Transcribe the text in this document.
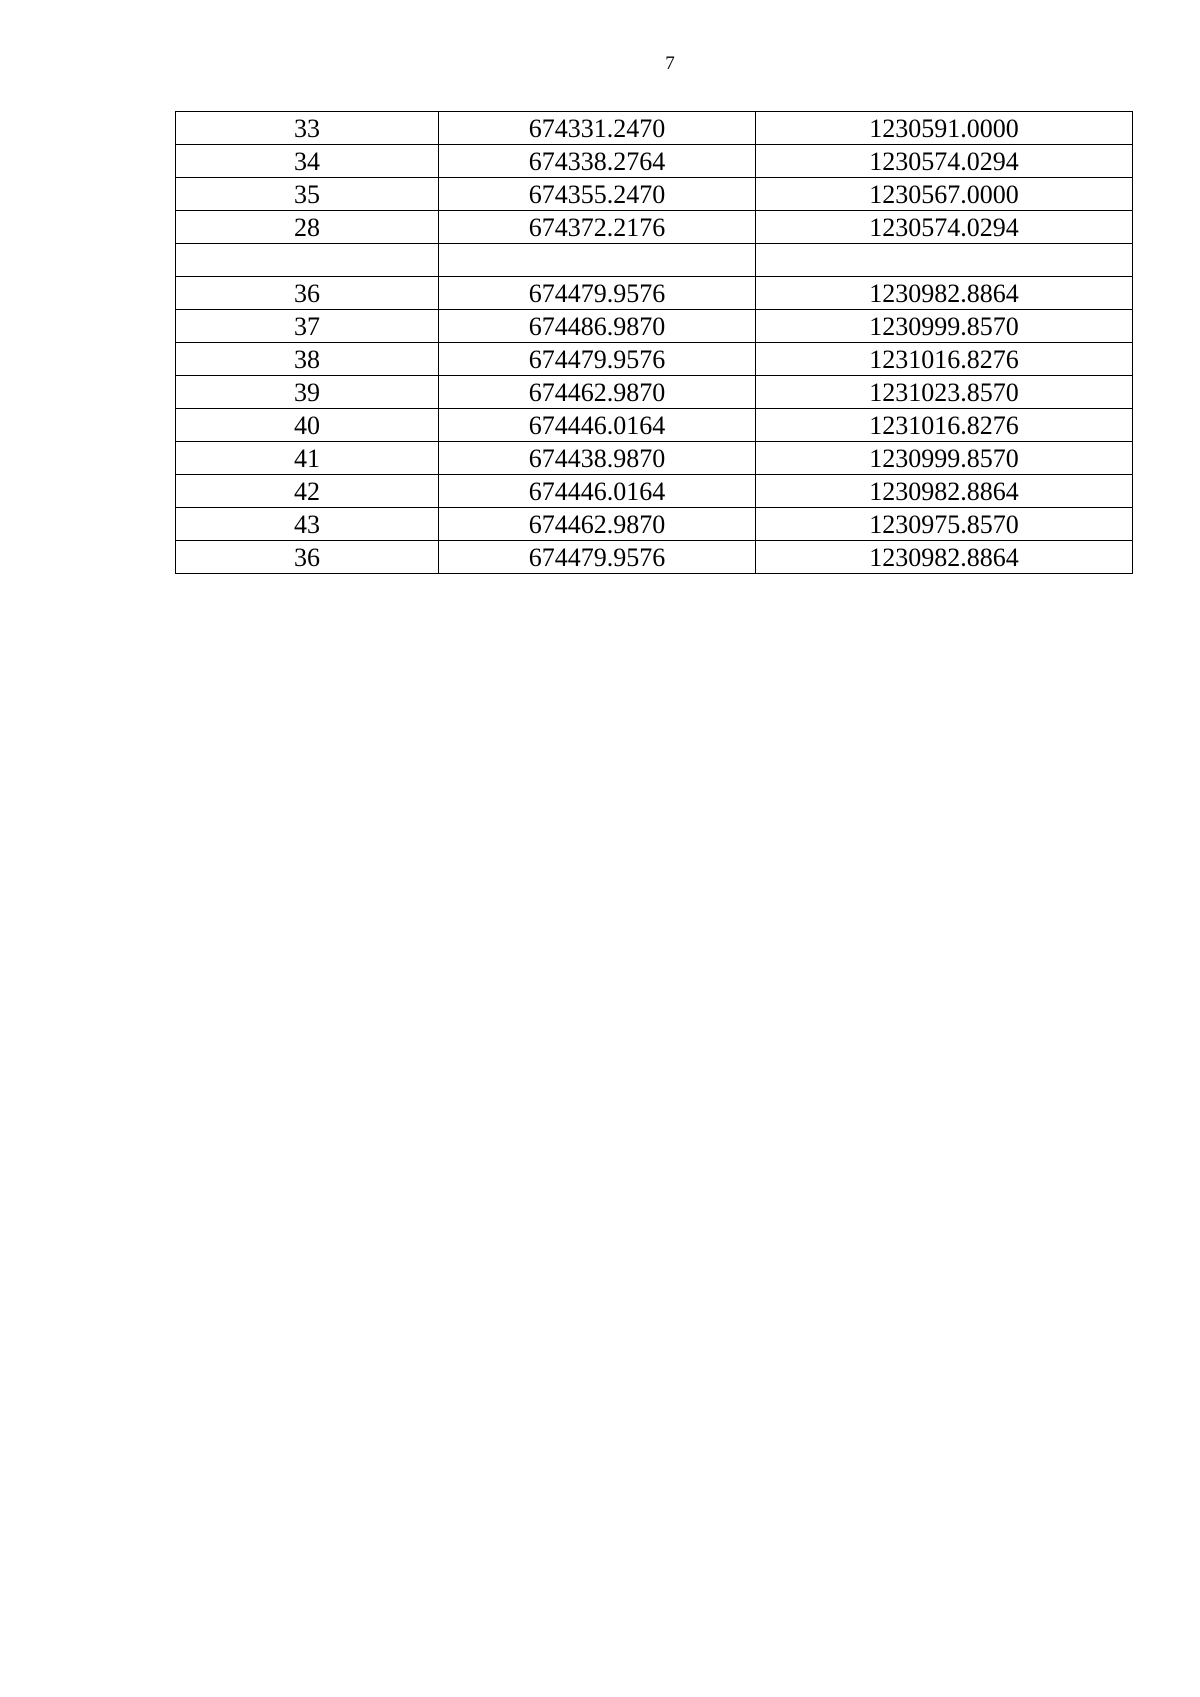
7
33	674331.2470	1230591.0000
34	674338.2764	1230574.0294
35	674355.2470	1230567.0000
28	674372.2176	1230574.0294

36	674479.9576	1230982.8864
37	674486.9870	1230999.8570
38	674479.9576	1231016.8276
39	674462.9870	1231023.8570
40	674446.0164	1231016.8276
41	674438.9870	1230999.8570
42	674446.0164	1230982.8864
43	674462.9870	1230975.8570
36	674479.9576	1230982.8864
